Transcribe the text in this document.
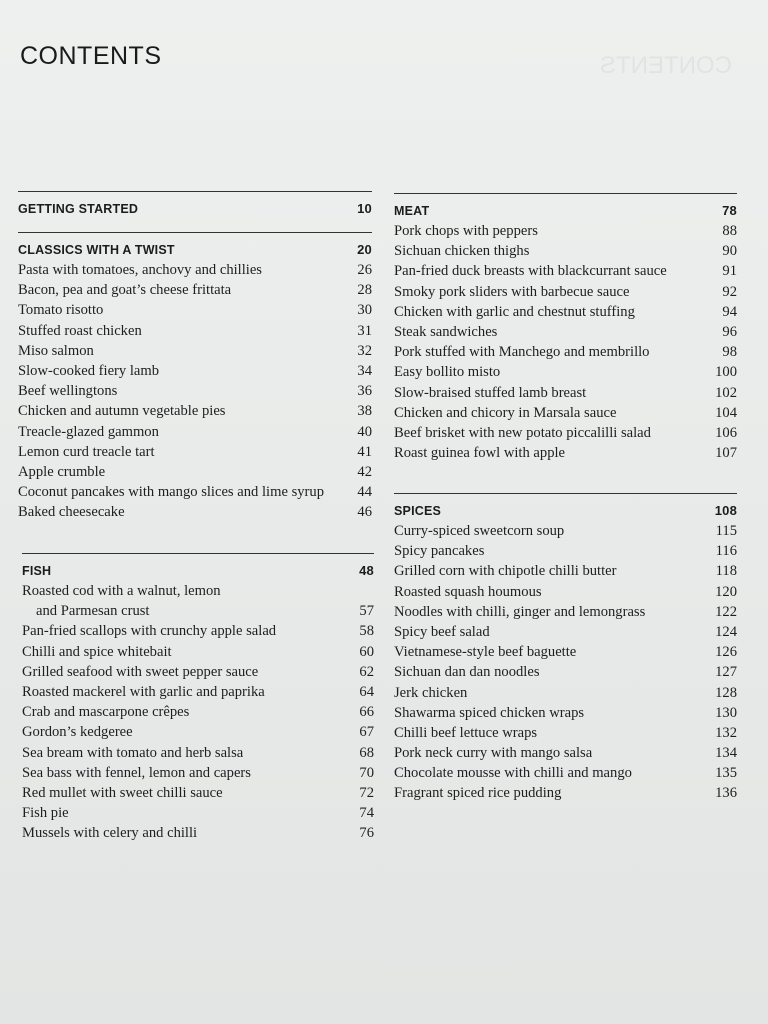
CONTENTS	CONTENTS
GETTING STARTED	10
CLASSICS WITH A TWIST	20
Pasta with tomatoes, anchovy and chillies	26
Bacon, pea and goat’s cheese frittata	28
Tomato risotto	30
Stuffed roast chicken	31
Miso salmon	32
Slow-cooked fiery lamb	34
Beef wellingtons	36
Chicken and autumn vegetable pies	38
Treacle-glazed gammon	40
Lemon curd treacle tart	41
Apple crumble	42
Coconut pancakes with mango slices and lime syrup	44
Baked cheesecake	46
FISH	48
Roasted cod with a walnut, lemon
and Parmesan crust	57
Pan-fried scallops with crunchy apple salad	58
Chilli and spice whitebait	60
Grilled seafood with sweet pepper sauce	62
Roasted mackerel with garlic and paprika	64
Crab and mascarpone crêpes	66
Gordon’s kedgeree	67
Sea bream with tomato and herb salsa	68
Sea bass with fennel, lemon and capers	70
Red mullet with sweet chilli sauce	72
Fish pie	74
Mussels with celery and chilli	76
MEAT	78
Pork chops with peppers	88
Sichuan chicken thighs	90
Pan-fried duck breasts with blackcurrant sauce	91
Smoky pork sliders with barbecue sauce	92
Chicken with garlic and chestnut stuffing	94
Steak sandwiches	96
Pork stuffed with Manchego and membrillo	98
Easy bollito misto	100
Slow-braised stuffed lamb breast	102
Chicken and chicory in Marsala sauce	104
Beef brisket with new potato piccalilli salad	106
Roast guinea fowl with apple	107
SPICES	108
Curry-spiced sweetcorn soup	115
Spicy pancakes	116
Grilled corn with chipotle chilli butter	118
Roasted squash houmous	120
Noodles with chilli, ginger and lemongrass	122
Spicy beef salad	124
Vietnamese-style beef baguette	126
Sichuan dan dan noodles	127
Jerk chicken	128
Shawarma spiced chicken wraps	130
Chilli beef lettuce wraps	132
Pork neck curry with mango salsa	134
Chocolate mousse with chilli and mango	135
Fragrant spiced rice pudding	136
